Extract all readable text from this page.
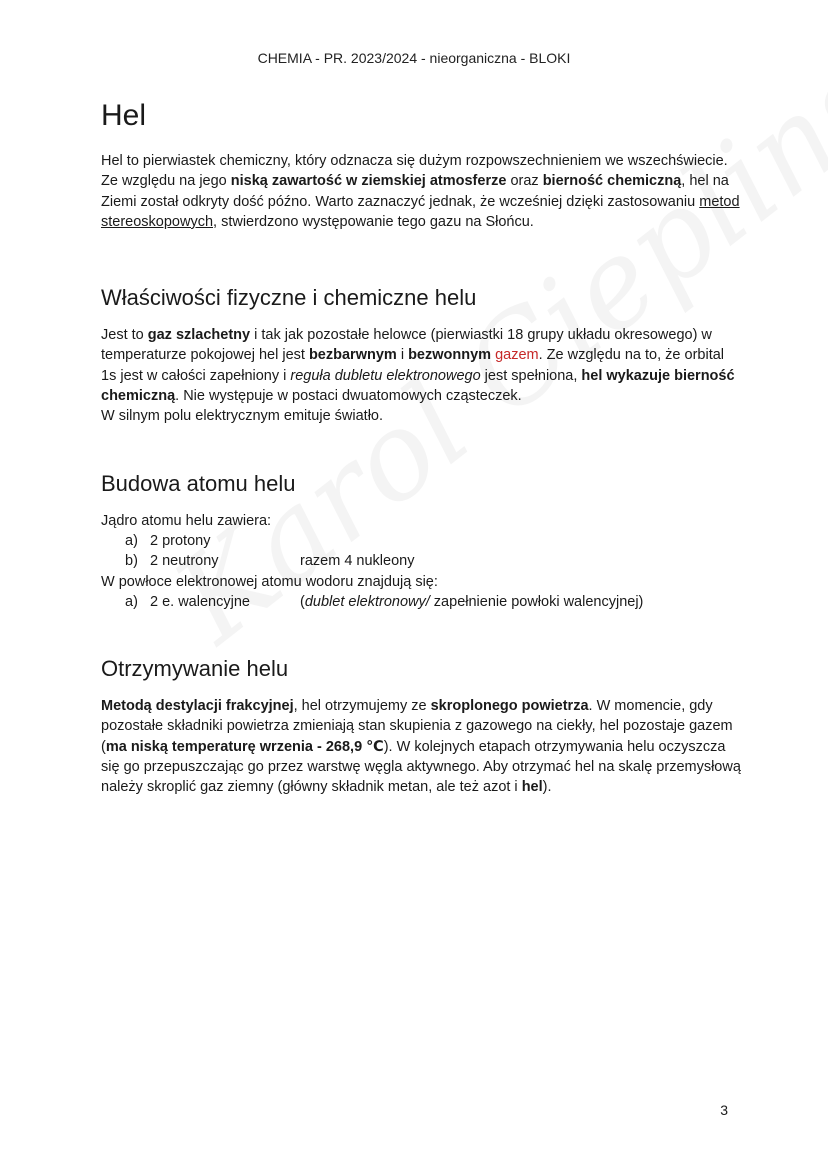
CHEMIA - PR. 2023/2024 - nieorganiczna - BLOKI
Hel

Hel to pierwiastek chemiczny, który odznacza się dużym rozpowszechnieniem we wszechświecie. Ze względu na jego niską zawartość w ziemskiej atmosferze oraz bierność chemiczną, hel na Ziemi został odkryty dość późno. Warto zaznaczyć jednak, że wcześniej dzięki zastosowaniu metod stereoskopowych, stwierdzono występowanie tego gazu na Słońcu.

Właściwości fizyczne i chemiczne helu

Jest to gaz szlachetny i tak jak pozostałe helowce (pierwiastki 18 grupy układu okresowego) w temperaturze pokojowej hel jest bezbarwnym i bezwonnym gazem. Ze względu na to, że orbital 1s jest w całości zapełniony i reguła dubletu elektronowego jest spełniona, hel wykazuje bierność chemiczną. Nie występuje w postaci dwuatomowych cząsteczek.

W silnym polu elektrycznym emituje światło.

Budowa atomu helu

Jądro atomu helu zawiera:

a) 2 protony
b) 2 neutrony	razem 4 nukleony

W powłoce elektronowej atomu wodoru znajdują się:

a) 2 e. walencyjne	(dublet elektronowy/ zapełnienie powłoki walencyjnej)
Otrzymywanie helu

Metodą destylacji frakcyjnej, hel otrzymujemy ze skroplonego powietrza. W momencie, gdy pozostałe składniki powietrza zmieniają stan skupienia z gazowego na ciekły, hel pozostaje gazem (ma niską temperaturę wrzenia - 268,9 ℃). W kolejnych etapach otrzymywania helu oczyszcza się go przepuszczając go przez warstwę węgla aktywnego. Aby otrzymać hel na skalę przemysłową należy skroplić gaz ziemny (główny składnik metan, ale też azot i hel).

3
